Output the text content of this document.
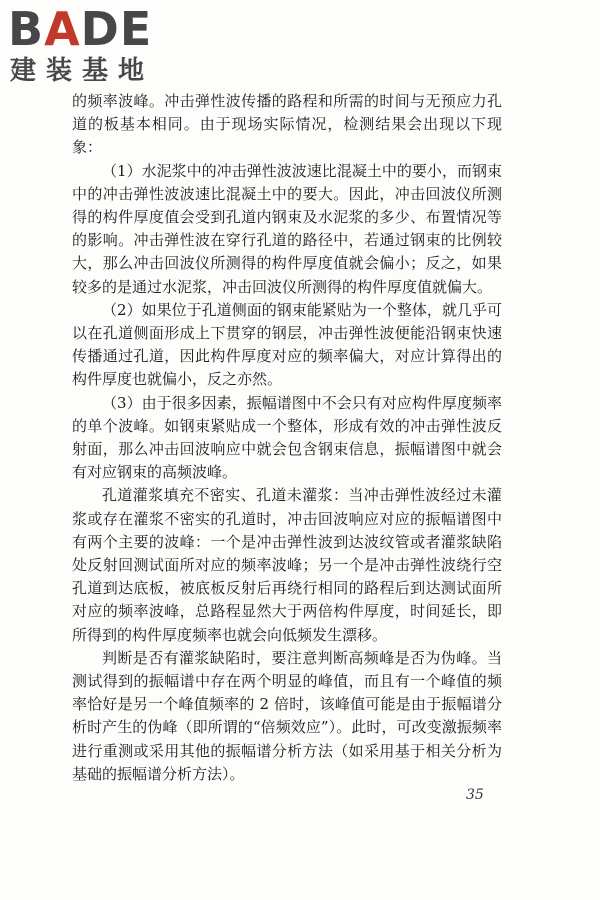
BADE
建装基地

的频率波峰。冲击弹性波传播的路程和所需的时间与无预应力孔道的板基本相同。由于现场实际情况，检测结果会出现以下现象：

（1）水泥浆中的冲击弹性波波速比混凝土中的要小，而钢束中的冲击弹性波波速比混凝土中的要大。因此，冲击回波仪所测得的构件厚度值会受到孔道内钢束及水泥浆的多少、布置情况等的影响。冲击弹性波在穿行孔道的路径中，若通过钢束的比例较大，那么冲击回波仪所测得的构件厚度值就会偏小；反之，如果较多的是通过水泥浆，冲击回波仪所测得的构件厚度值就偏大。

（2）如果位于孔道侧面的钢束能紧贴为一个整体，就几乎可以在孔道侧面形成上下贯穿的钢层，冲击弹性波便能沿钢束快速传播通过孔道，因此构件厚度对应的频率偏大，对应计算得出的构件厚度也就偏小，反之亦然。

（3）由于很多因素，振幅谱图中不会只有对应构件厚度频率的单个波峰。如钢束紧贴成一个整体，形成有效的冲击弹性波反射面，那么冲击回波响应中就会包含钢束信息，振幅谱图中就会有对应钢束的高频波峰。

孔道灌浆填充不密实、孔道未灌浆：当冲击弹性波经过未灌浆或存在灌浆不密实的孔道时，冲击回波响应对应的振幅谱图中有两个主要的波峰：一个是冲击弹性波到达波纹管或者灌浆缺陷处反射回测试面所对应的频率波峰；另一个是冲击弹性波绕行空孔道到达底板，被底板反射后再绕行相同的路程后到达测试面所对应的频率波峰，总路程显然大于两倍构件厚度，时间延长，即所得到的构件厚度频率也就会向低频发生漂移。

判断是否有灌浆缺陷时，要注意判断高频峰是否为伪峰。当测试得到的振幅谱中存在两个明显的峰值，而且有一个峰值的频率恰好是另一个峰值频率的 2 倍时，该峰值可能是由于振幅谱分析时产生的伪峰（即所谓的“倍频效应”）。此时，可改变激振频率进行重测或采用其他的振幅谱分析方法（如采用基于相关分析为基础的振幅谱分析方法）。

35
